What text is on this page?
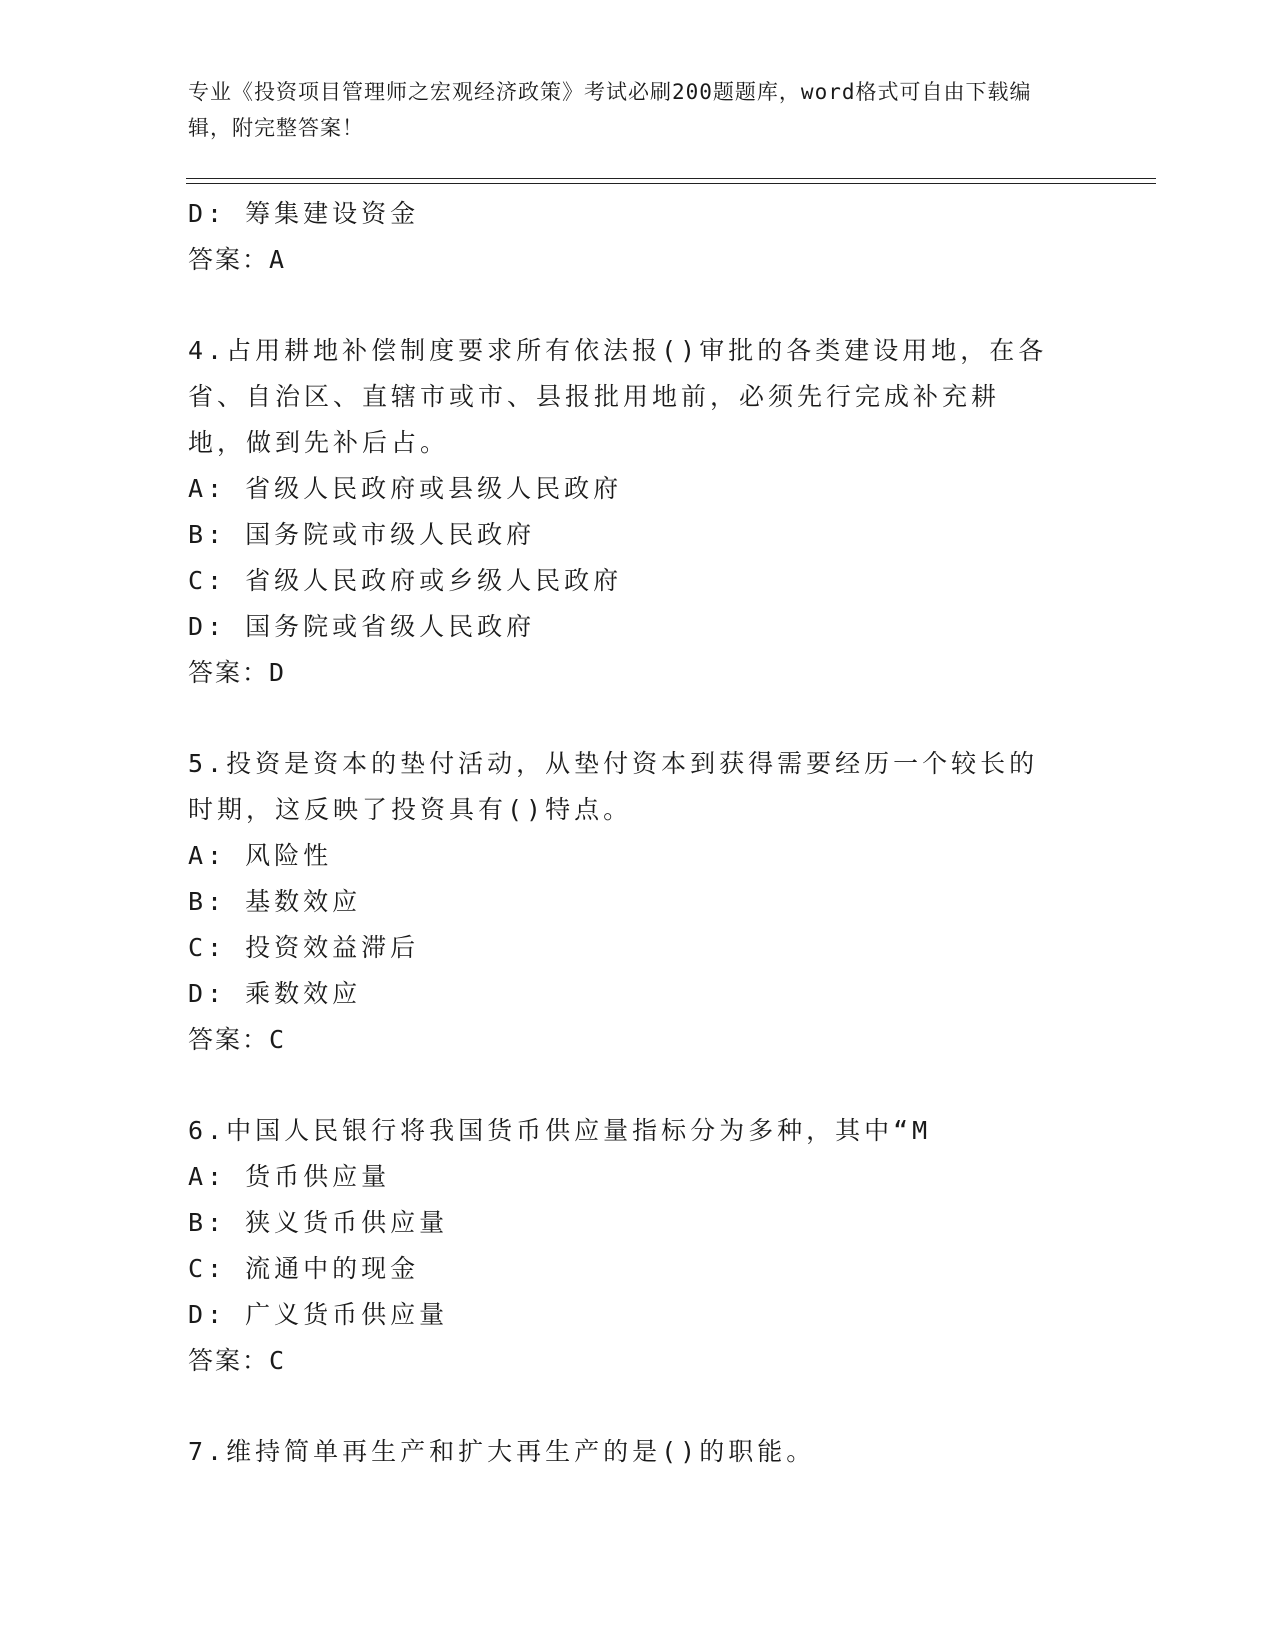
专业《投资项目管理师之宏观经济政策》考试必刷200题题库，word格式可自由下载编辑，附完整答案！
D: 筹集建设资金
答案：A
4.占用耕地补偿制度要求所有依法报()审批的各类建设用地，在各省、自治区、直辖市或市、县报批用地前，必须先行完成补充耕地，做到先补后占。
A: 省级人民政府或县级人民政府
B: 国务院或市级人民政府
C: 省级人民政府或乡级人民政府
D: 国务院或省级人民政府
答案：D
5.投资是资本的垫付活动，从垫付资本到获得需要经历一个较长的时期，这反映了投资具有()特点。
A: 风险性
B: 基数效应
C: 投资效益滞后
D: 乘数效应
答案：C
6.中国人民银行将我国货币供应量指标分为多种，其中“M
A: 货币供应量
B: 狭义货币供应量
C: 流通中的现金
D: 广义货币供应量
答案：C
7.维持简单再生产和扩大再生产的是()的职能。
